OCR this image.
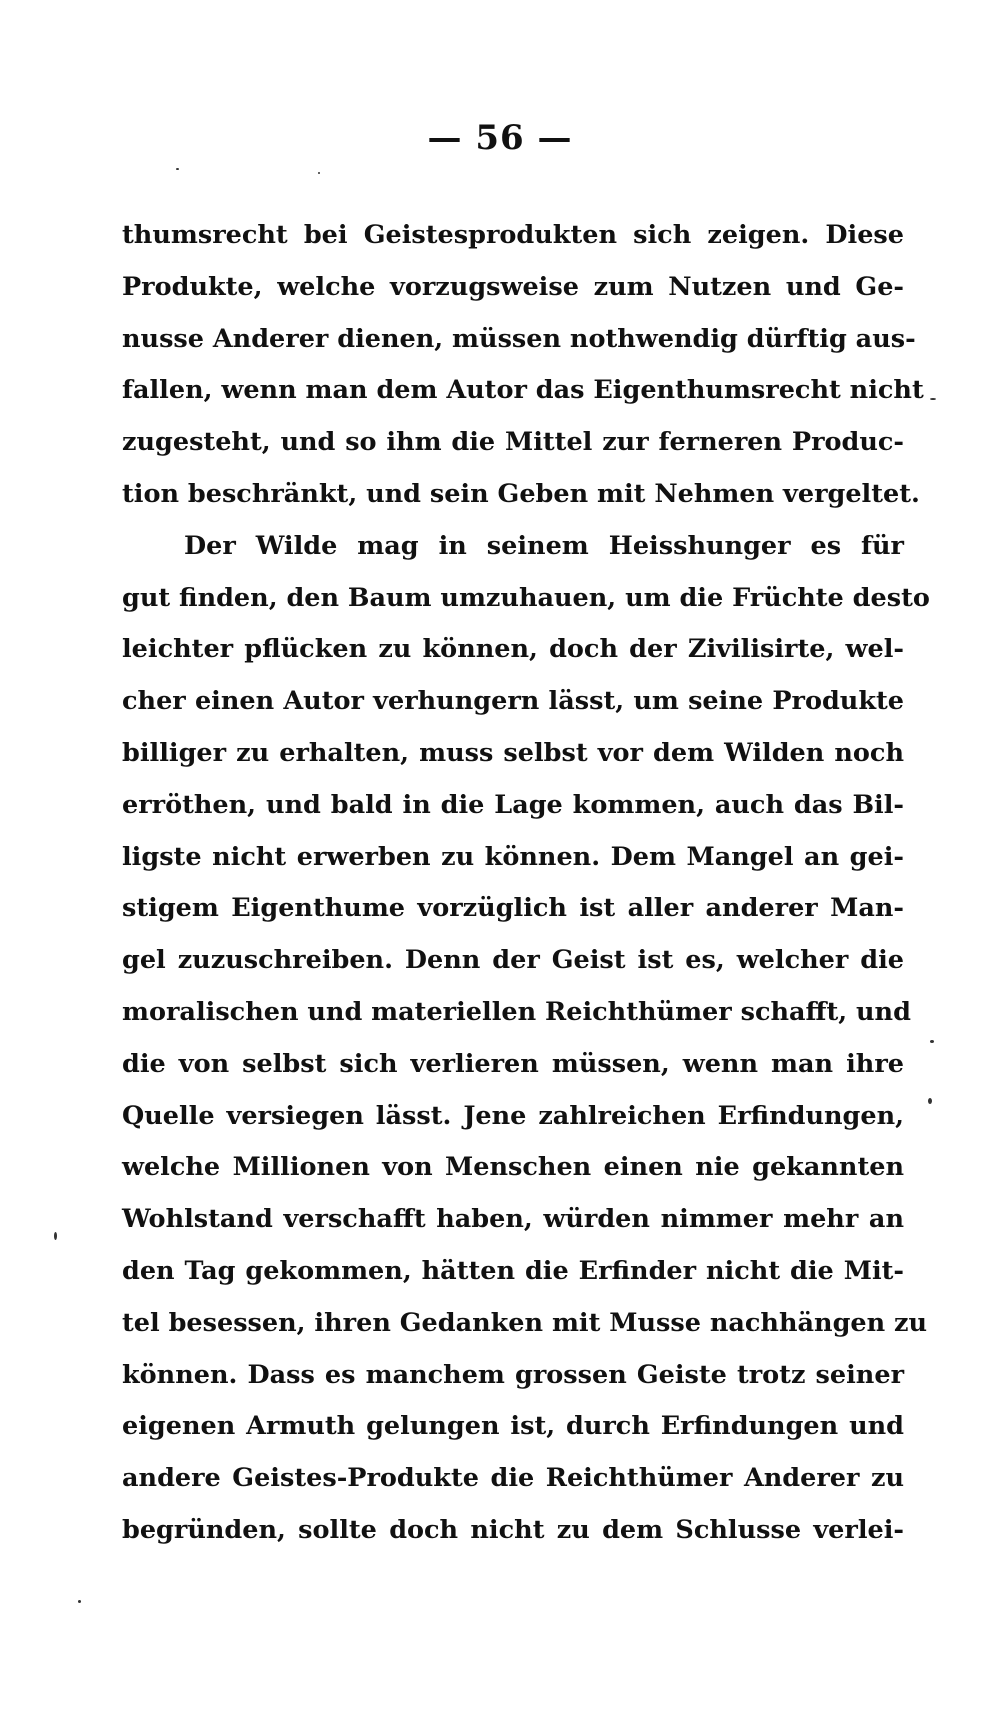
— 56 —
thumsrecht bei Geistesprodukten sich zeigen. Diese
Produkte, welche vorzugsweise zum Nutzen und Ge-
nusse Anderer dienen, müssen nothwendig dürftig aus-
fallen, wenn man dem Autor das Eigenthumsrecht nicht
zugesteht, und so ihm die Mittel zur ferneren Produc-
tion beschränkt, und sein Geben mit Nehmen vergeltet.
Der Wilde mag in seinem Heisshunger es für
gut finden, den Baum umzuhauen, um die Früchte desto
leichter pflücken zu können, doch der Zivilisirte, wel-
cher einen Autor verhungern lässt, um seine Produkte
billiger zu erhalten, muss selbst vor dem Wilden noch
erröthen, und bald in die Lage kommen, auch das Bil-
ligste nicht erwerben zu können. Dem Mangel an gei-
stigem Eigenthume vorzüglich ist aller anderer Man-
gel zuzuschreiben. Denn der Geist ist es, welcher die
moralischen und materiellen Reichthümer schafft, und
die von selbst sich verlieren müssen, wenn man ihre
Quelle versiegen lässt. Jene zahlreichen Erfindungen,
welche Millionen von Menschen einen nie gekannten
Wohlstand verschafft haben, würden nimmer mehr an
den Tag gekommen, hätten die Erfinder nicht die Mit-
tel besessen, ihren Gedanken mit Musse nachhängen zu
können. Dass es manchem grossen Geiste trotz seiner
eigenen Armuth gelungen ist, durch Erfindungen und
andere Geistes-Produkte die Reichthümer Anderer zu
begründen, sollte doch nicht zu dem Schlusse verlei-
